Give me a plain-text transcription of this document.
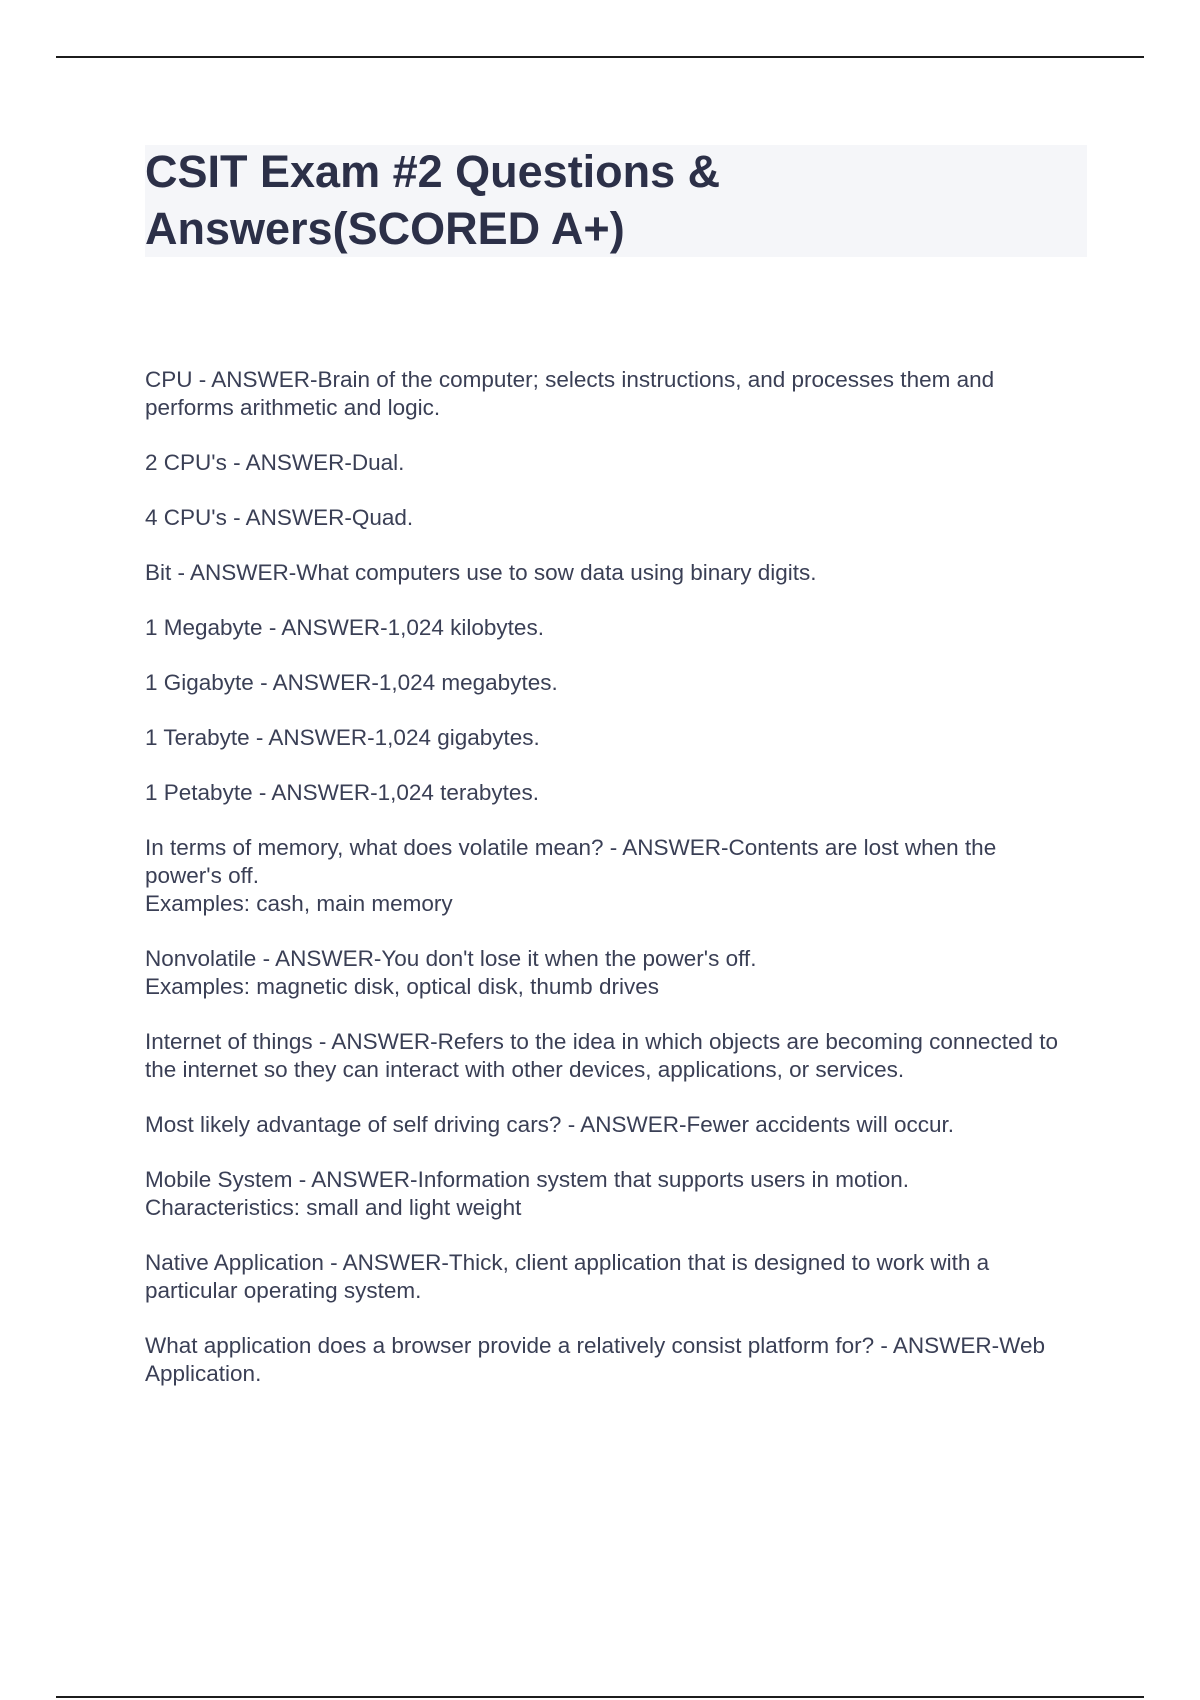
CSIT Exam #2 Questions & Answers(SCORED A+)

CPU - ANSWER-Brain of the computer; selects instructions, and processes them and performs arithmetic and logic.

2 CPU's - ANSWER-Dual.

4 CPU's - ANSWER-Quad.

Bit - ANSWER-What computers use to sow data using binary digits.

1 Megabyte - ANSWER-1,024 kilobytes.

1 Gigabyte - ANSWER-1,024 megabytes.

1 Terabyte - ANSWER-1,024 gigabytes.

1 Petabyte - ANSWER-1,024 terabytes.

In terms of memory, what does volatile mean? - ANSWER-Contents are lost when the power's off.
Examples: cash, main memory

Nonvolatile - ANSWER-You don't lose it when the power's off.
Examples: magnetic disk, optical disk, thumb drives

Internet of things - ANSWER-Refers to the idea in which objects are becoming connected to the internet so they can interact with other devices, applications, or services.

Most likely advantage of self driving cars? - ANSWER-Fewer accidents will occur.

Mobile System - ANSWER-Information system that supports users in motion.
Characteristics: small and light weight

Native Application - ANSWER-Thick, client application that is designed to work with a particular operating system.

What application does a browser provide a relatively consist platform for? - ANSWER-Web Application.
